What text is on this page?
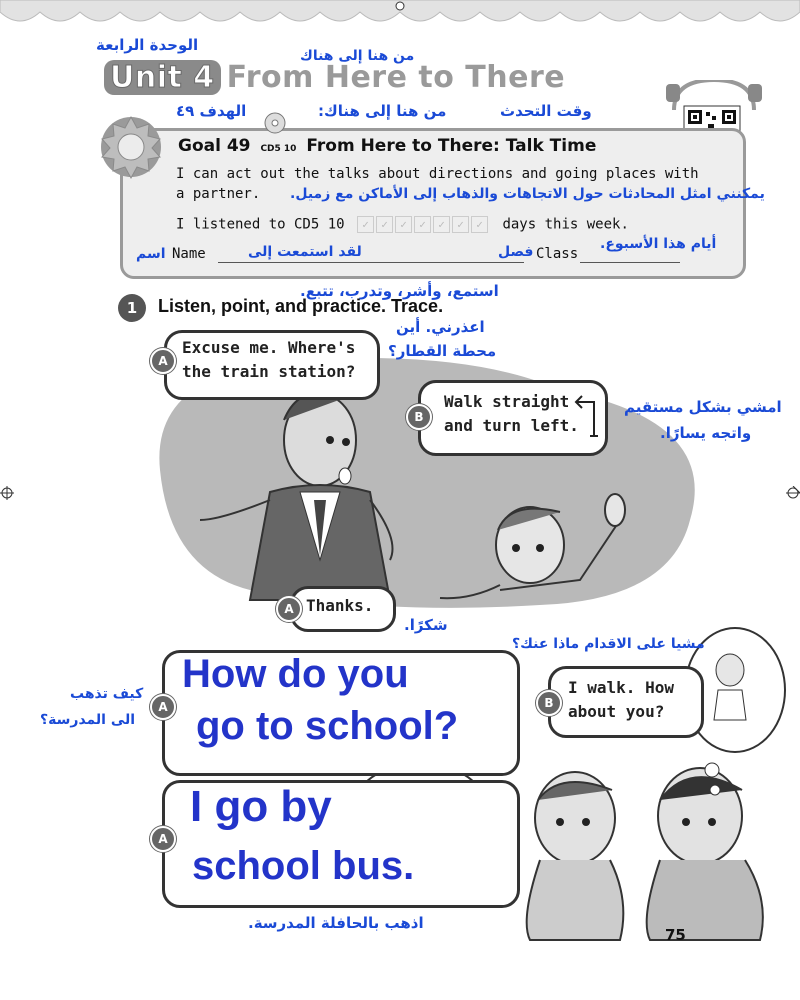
الوحدة الرابعة
من هنا إلى هناك
Unit 4 From Here to There
الهدف ٤٩	من هنا إلى هناك:	وقت التحدث
Goal 49 CD5 10 From Here to There: Talk Time
I can act out the talks about directions and going places with
a partner. يمكنني امثل المحادثات حول الاتجاهات والذهاب إلى الأماكن مع زميل.
I listened to CD5 10 ✓ ✓ ✓ ✓ ✓ ✓ ✓ days this week.
أيام هذا الأسبوع.
اسم Name	لقد استمعت إلى	فصل Class
استمع، وأشر، وتدرب، تتبع.
1	Listen, point, and practice. Trace.
A
Excuse me. Where's
the train station?
اعذرني. أين
محطة القطار؟
B
Walk straight
and turn left.
امشي بشكل مستقيم
واتجه يسارًا.
A Thanks.
شكرًا.
مشيا على الاقدام ماذا عنك؟
A
How do you
go to school?
كيف تذهب
الى المدرسة؟
B
I walk. How
about you?
A
I go by
school bus.
اذهب بالحافلة المدرسة.
75
